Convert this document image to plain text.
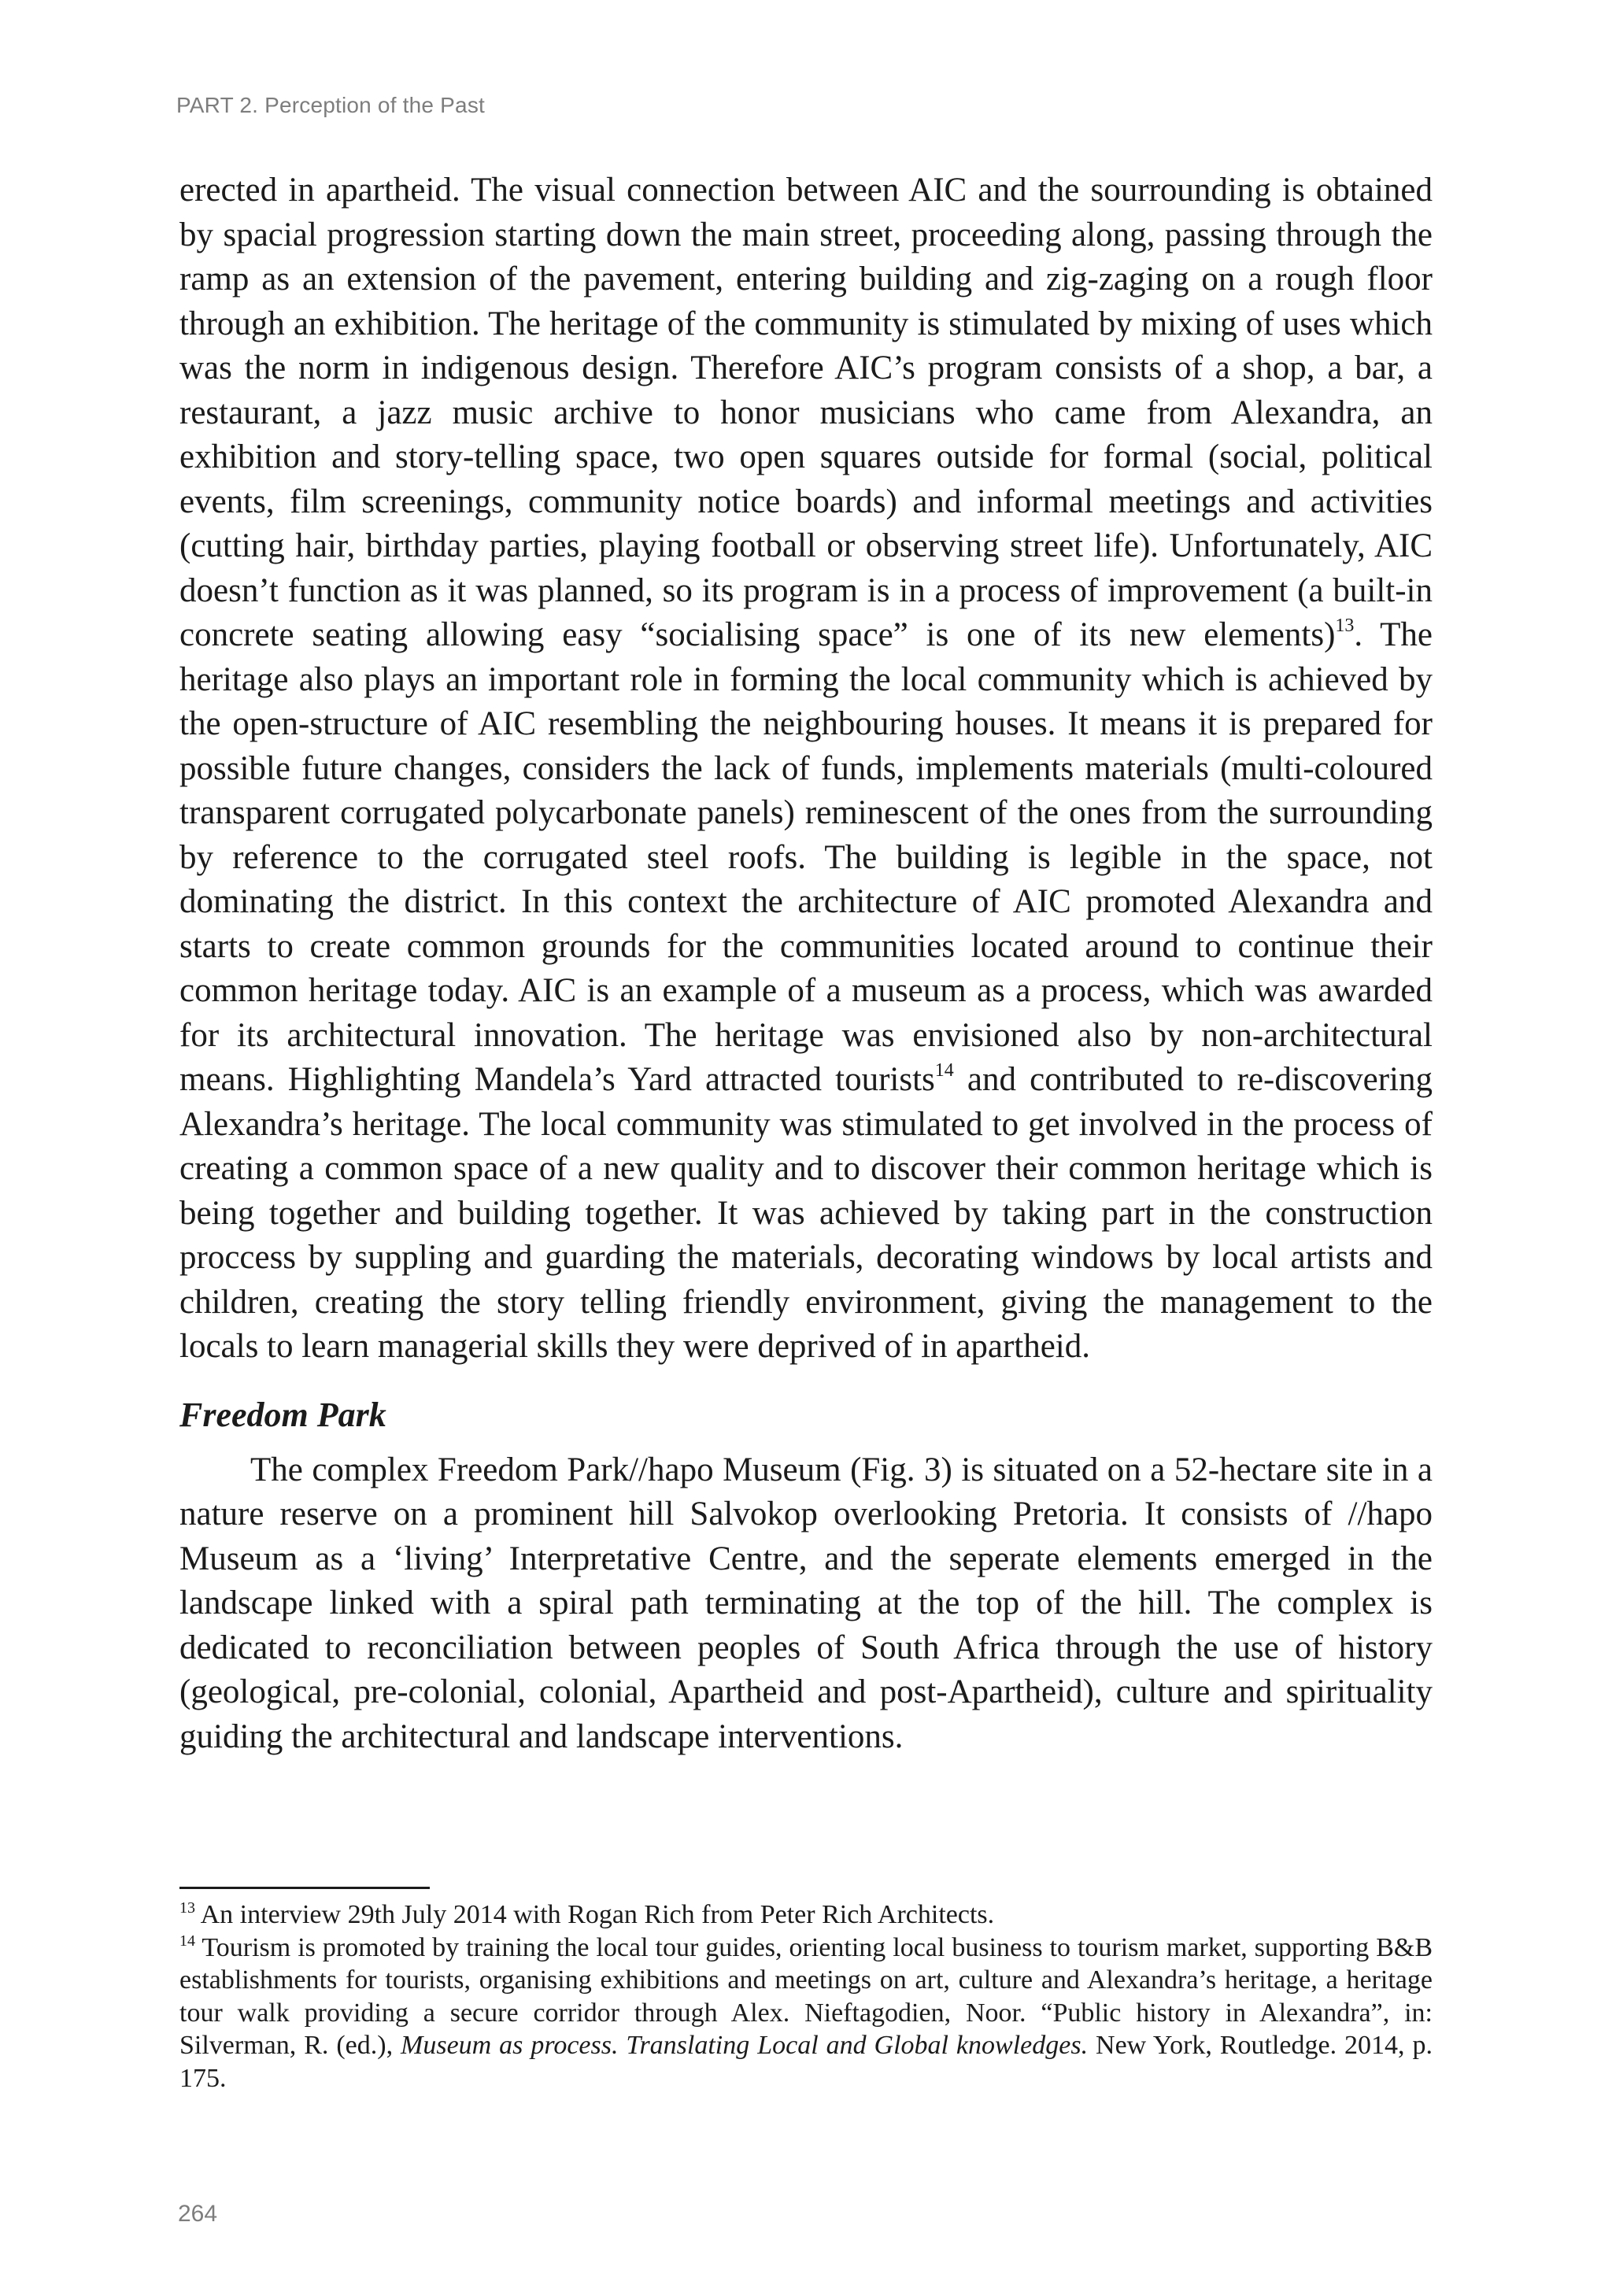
PART 2. Perception of the Past

erected in apartheid. The visual connection between AIC and the sourrounding is obtained by spacial progression starting down the main street, proceeding along, passing through the ramp as an extension of the pavement, entering building and zig-zaging on a rough floor through an exhibition. The heritage of the community is stimulated by mixing of uses which was the norm in indigenous design. Therefore AIC’s program consists of a shop, a bar, a restaurant, a jazz music archive to honor musicians who came from Alexandra, an exhibition and story-telling space, two open squares outside for formal (social, political events, film screenings, community notice boards) and informal meetings and activities (cutting hair, birthday parties, playing football or observing street life). Unfortunately, AIC doesn’t function as it was planned, so its program is in a process of improvement (a built-in concrete seating allowing easy “socialising space” is one of its new elements)$^{13}$. The heritage also plays an important role in forming the local community which is achieved by the open-structure of AIC resembling the neighbouring houses. It means it is prepared for possible future changes, considers the lack of funds, implements materials (multi-coloured transparent corrugated polycarbonate panels) reminescent of the ones from the surrounding by reference to the corrugated steel roofs. The building is legible in the space, not dominating the district. In this context the architecture of AIC promoted Alexandra and starts to create common grounds for the communities located around to continue their common heritage today. AIC is an example of a museum as a process, which was awarded for its architectural innovation. The heritage was envisioned also by non-architectural means. Highlighting Mandela’s Yard attracted tourists$^{14}$ and contributed to re-discovering Alexandra’s heritage. The local community was stimulated to get involved in the process of creating a common space of a new quality and to discover their common heritage which is being together and building together. It was achieved by taking part in the construction proccess by suppling and guarding the materials, decorating windows by local artists and children, creating the story telling friendly environment, giving the management to the locals to learn managerial skills they were deprived of in apartheid.

Freedom Park

The complex Freedom Park//hapo Museum (Fig. 3) is situated on a 52-hectare site in a nature reserve on a prominent hill Salvokop overlooking Pretoria. It consists of //hapo Museum as a ‘living’ Interpretative Centre, and the seperate elements emerged in the landscape linked with a spiral path terminating at the top of the hill. The complex is dedicated to reconciliation between peoples of South Africa through the use of history (geological, pre-colonial, colonial, Apartheid and post-Apartheid), culture and spirituality guiding the architectural and landscape interventions.

$^{13}$ An interview 29th July 2014 with Rogan Rich from Peter Rich Architects.

$^{14}$ Tourism is promoted by training the local tour guides, orienting local business to tourism market, supporting B&B establishments for tourists, organising exhibitions and meetings on art, culture and Alexandra’s heritage, a heritage tour walk providing a secure corridor through Alex. Nieftagodien, Noor. “Public history in Alexandra”, in: Silverman, R. (ed.), Museum as process. Translating Local and Global knowledges. New York, Routledge. 2014, p. 175.

264
